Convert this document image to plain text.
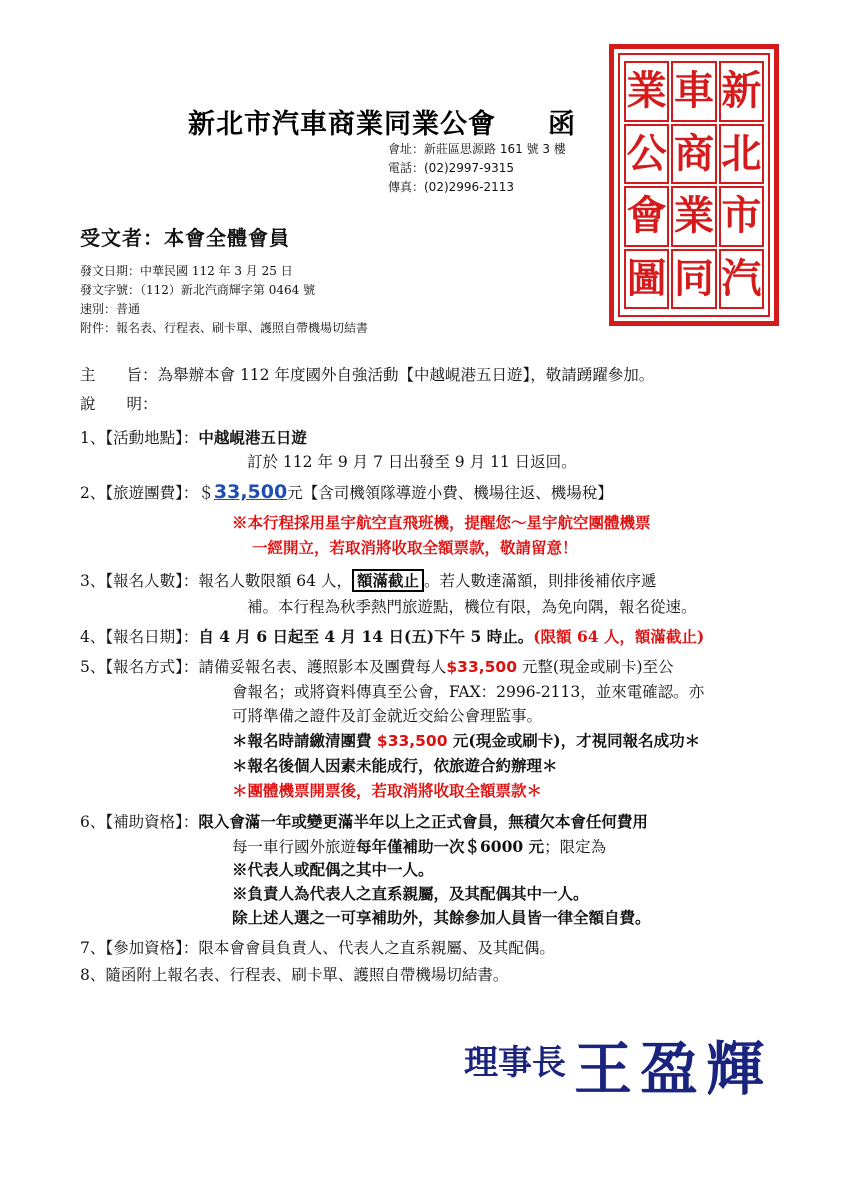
新北市汽車商業同業公會 函
會址：新莊區思源路 161 號 3 樓
電話：(02)2997-9315
傳真：(02)2996-2113
業 車 新
公 商 北
會 業 市
圖 同 汽
受文者：本會全體會員
發文日期：中華民國 112 年 3 月 25 日
發文字號：（112）新北汽商輝字第 0464 號
速別：普通
附件：報名表、行程表、刷卡單、護照自帶機場切結書
主　　旨：為舉辦本會 112 年度國外自強活動【中越峴港五日遊】，敬請踴躍參加。
說　　明：
1、【活動地點】：中越峴港五日遊
訂於 112 年 9 月 7 日出發至 9 月 11 日返回。
2、【旅遊團費】：＄33,500元【含司機領隊導遊小費、機場往返、機場稅】
※本行程採用星宇航空直飛班機，提醒您～星宇航空團體機票
一經開立，若取消將收取全額票款，敬請留意！
3、【報名人數】：報名人數限額 64 人， 額滿截止 。若人數達滿額，則排後補依序遞
補。本行程為秋季熱門旅遊點，機位有限，為免向隅，報名從速。
4、【報名日期】：自 4 月 6 日起至 4 月 14 日(五)下午 5 時止。(限額 64 人，額滿截止)
5、【報名方式】：請備妥報名表、護照影本及團費每人$33,500 元整(現金或刷卡)至公
會報名；或將資料傳真至公會，FAX：2996-2113，並來電確認。亦
可將準備之證件及訂金就近交給公會理監事。
＊報名時請繳清團費 $33,500 元(現金或刷卡)，才視同報名成功＊
＊報名後個人因素未能成行，依旅遊合約辦理＊
＊團體機票開票後，若取消將收取全額票款＊
6、【補助資格】：限入會滿一年或變更滿半年以上之正式會員，無積欠本會任何費用
每一車行國外旅遊每年僅補助一次＄6000 元；限定為
※代表人或配偶之其中一人。
※負責人為代表人之直系親屬，及其配偶其中一人。
除上述人選之一可享補助外，其餘參加人員皆一律全額自費。
7、【參加資格】：限本會會員負責人、代表人之直系親屬、及其配偶。
8、隨函附上報名表、行程表、刷卡單、護照自帶機場切結書。
理事長 王盈輝
